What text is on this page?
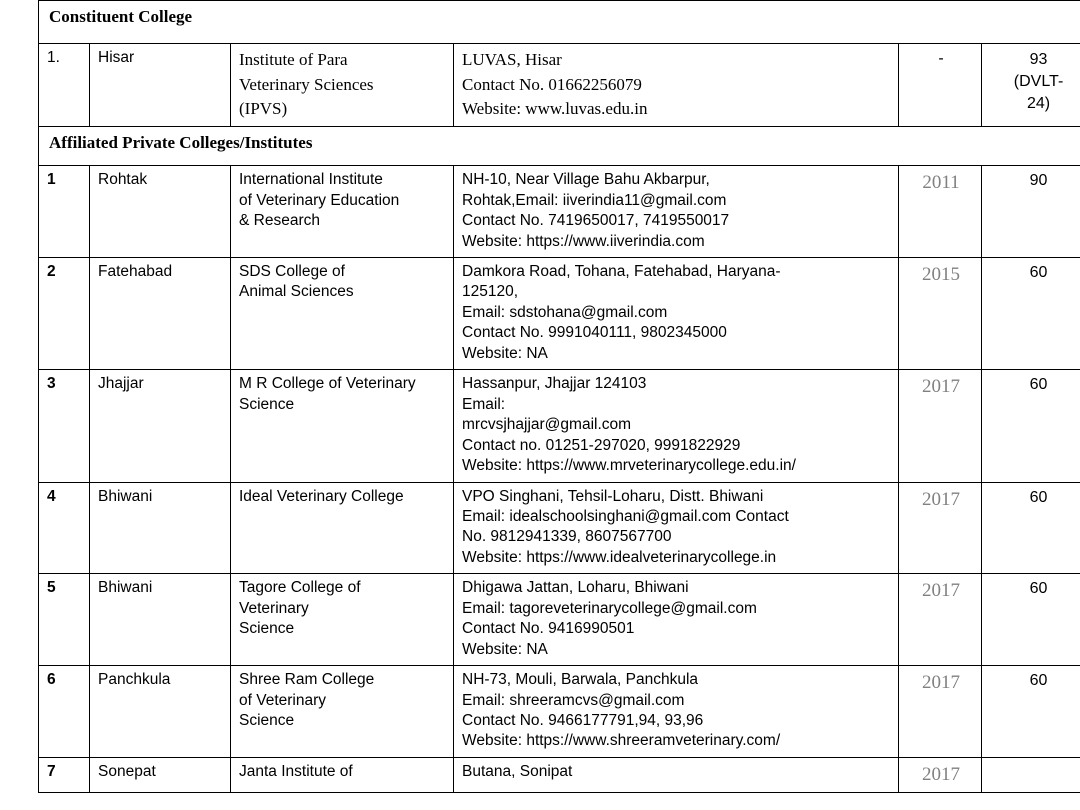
Constituent College					
1.	Hisar	Institute of Para
Veterinary Sciences
(IPVS)	LUVAS, Hisar
Contact No. 01662256079
Website: www.luvas.edu.in	-	93
(DVLT-
24)

Affiliated Private Colleges/Institutes					
1	Rohtak	International Institute
of Veterinary Education
& Research	NH-10, Near Village Bahu Akbarpur,
Rohtak,Email: iiverindia11@gmail.com
Contact No. 7419650017, 7419550017
Website: https://www.iiverindia.com	2011	90
2	Fatehabad	SDS College of
Animal Sciences	Damkora Road, Tohana, Fatehabad, Haryana-
125120,
Email: sdstohana@gmail.com
Contact No. 9991040111, 9802345000
Website: NA	2015	60
3	Jhajjar	M R College of Veterinary
Science	Hassanpur, Jhajjar 124103
Email:
mrcvsjhajjar@gmail.com
Contact no. 01251-297020, 9991822929
Website: https://www.mrveterinarycollege.edu.in/	2017	60
4	Bhiwani	Ideal Veterinary College	VPO Singhani, Tehsil-Loharu, Distt. Bhiwani
Email: idealschoolsinghani@gmail.com Contact
No. 9812941339, 8607567700
Website: https://www.idealveterinarycollege.in	2017	60
5	Bhiwani	Tagore College of
Veterinary
Science	Dhigawa Jattan, Loharu, Bhiwani
Email: tagoreveterinarycollege@gmail.com
Contact No. 9416990501
Website: NA	2017	60
6	Panchkula	Shree Ram College
of Veterinary
Science	NH-73, Mouli, Barwala, Panchkula
Email: shreeramcvs@gmail.com
Contact No. 9466177791,94, 93,96
Website: https://www.shreeramveterinary.com/	2017	60
7	Sonepat	Janta Institute of	Butana, Sonipat	2017	
